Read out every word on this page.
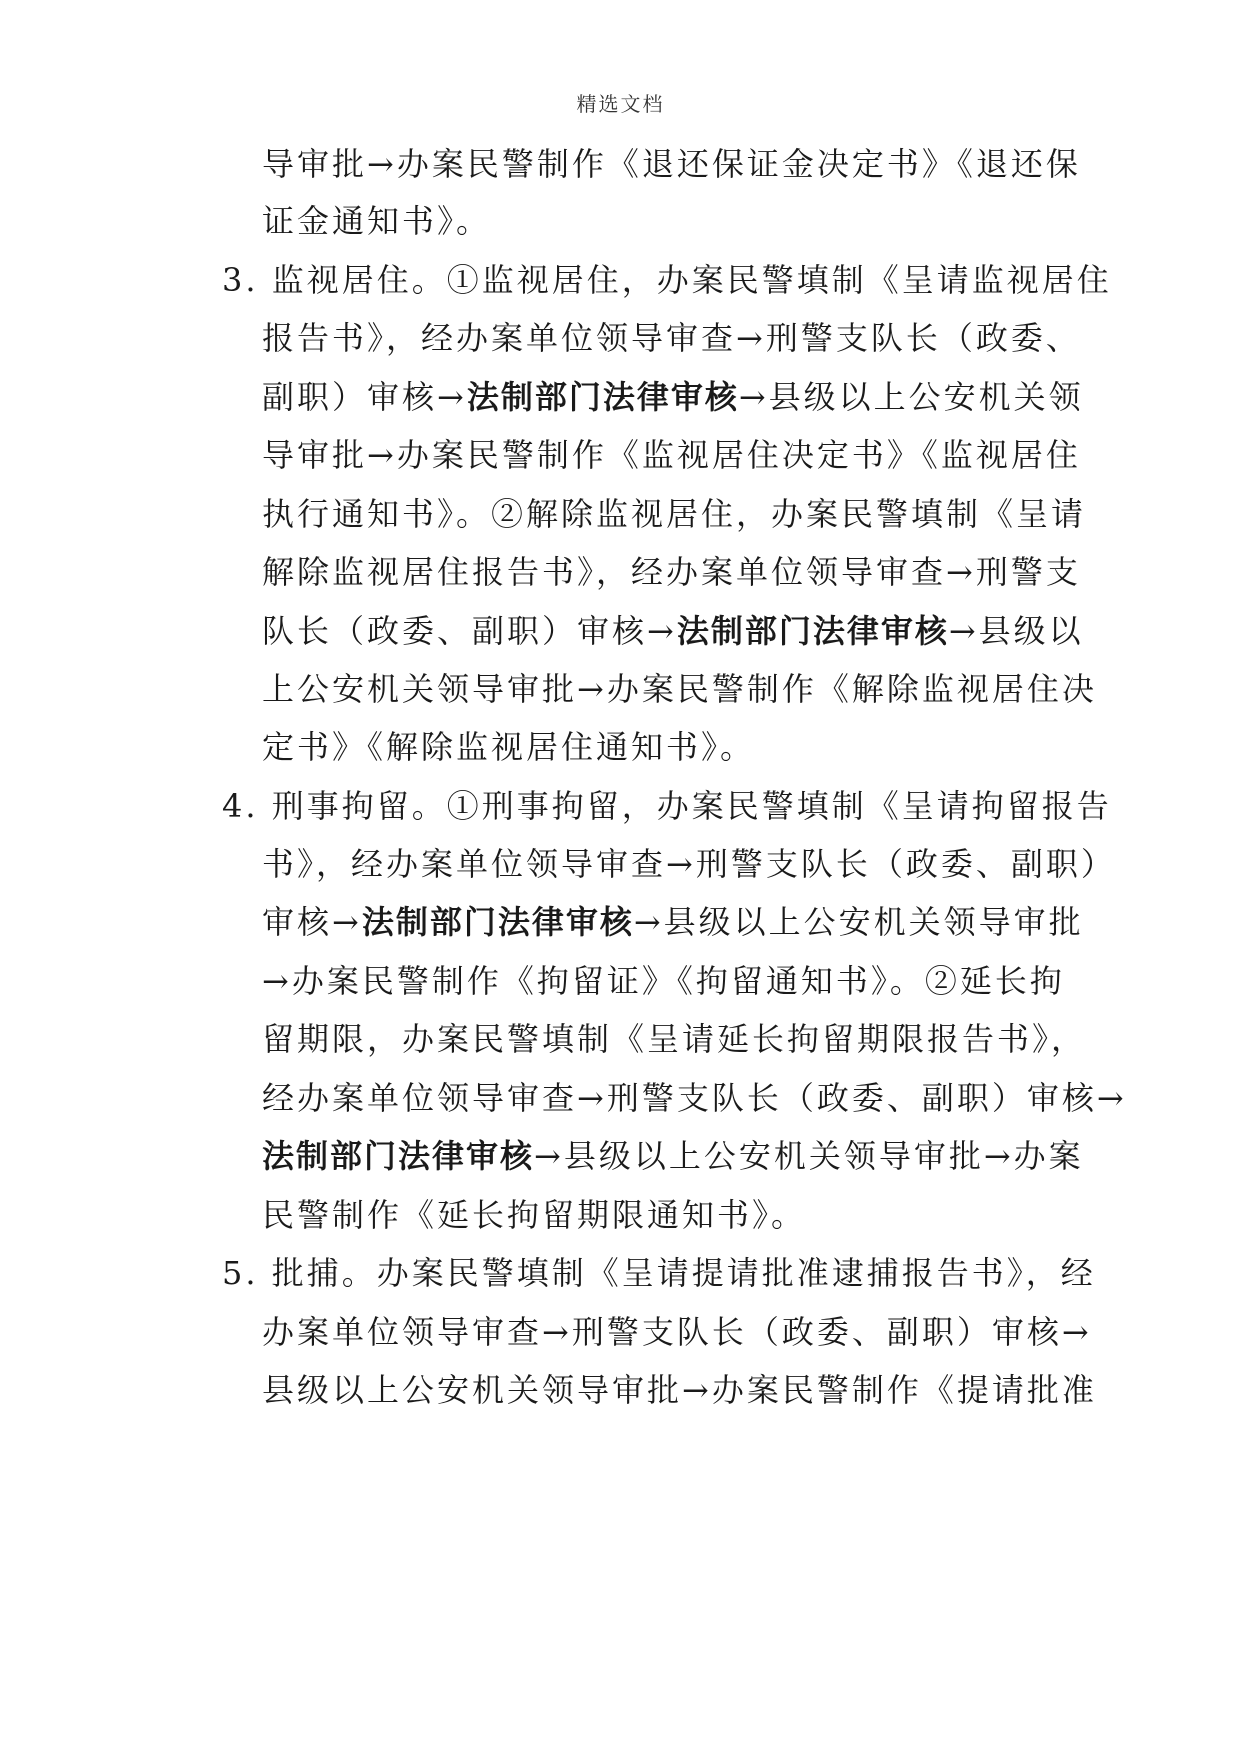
精选文档
导审批→办案民警制作《退还保证金决定书》《退还保
证金通知书》。
3. 监视居住。①监视居住，办案民警填制《呈请监视居住
报告书》，经办案单位领导审查→刑警支队长（政委、
副职）审核→法制部门法律审核→县级以上公安机关领
导审批→办案民警制作《监视居住决定书》《监视居住
执行通知书》。②解除监视居住，办案民警填制《呈请
解除监视居住报告书》，经办案单位领导审查→刑警支
队长（政委、副职）审核→法制部门法律审核→县级以
上公安机关领导审批→办案民警制作《解除监视居住决
定书》《解除监视居住通知书》。
4. 刑事拘留。①刑事拘留，办案民警填制《呈请拘留报告
书》，经办案单位领导审查→刑警支队长（政委、副职）
审核→法制部门法律审核→县级以上公安机关领导审批
→办案民警制作《拘留证》《拘留通知书》。②延长拘
留期限，办案民警填制《呈请延长拘留期限报告书》，
经办案单位领导审查→刑警支队长（政委、副职）审核→
法制部门法律审核→县级以上公安机关领导审批→办案
民警制作《延长拘留期限通知书》。
5. 批捕。办案民警填制《呈请提请批准逮捕报告书》，经
办案单位领导审查→刑警支队长（政委、副职）审核→
县级以上公安机关领导审批→办案民警制作《提请批准
